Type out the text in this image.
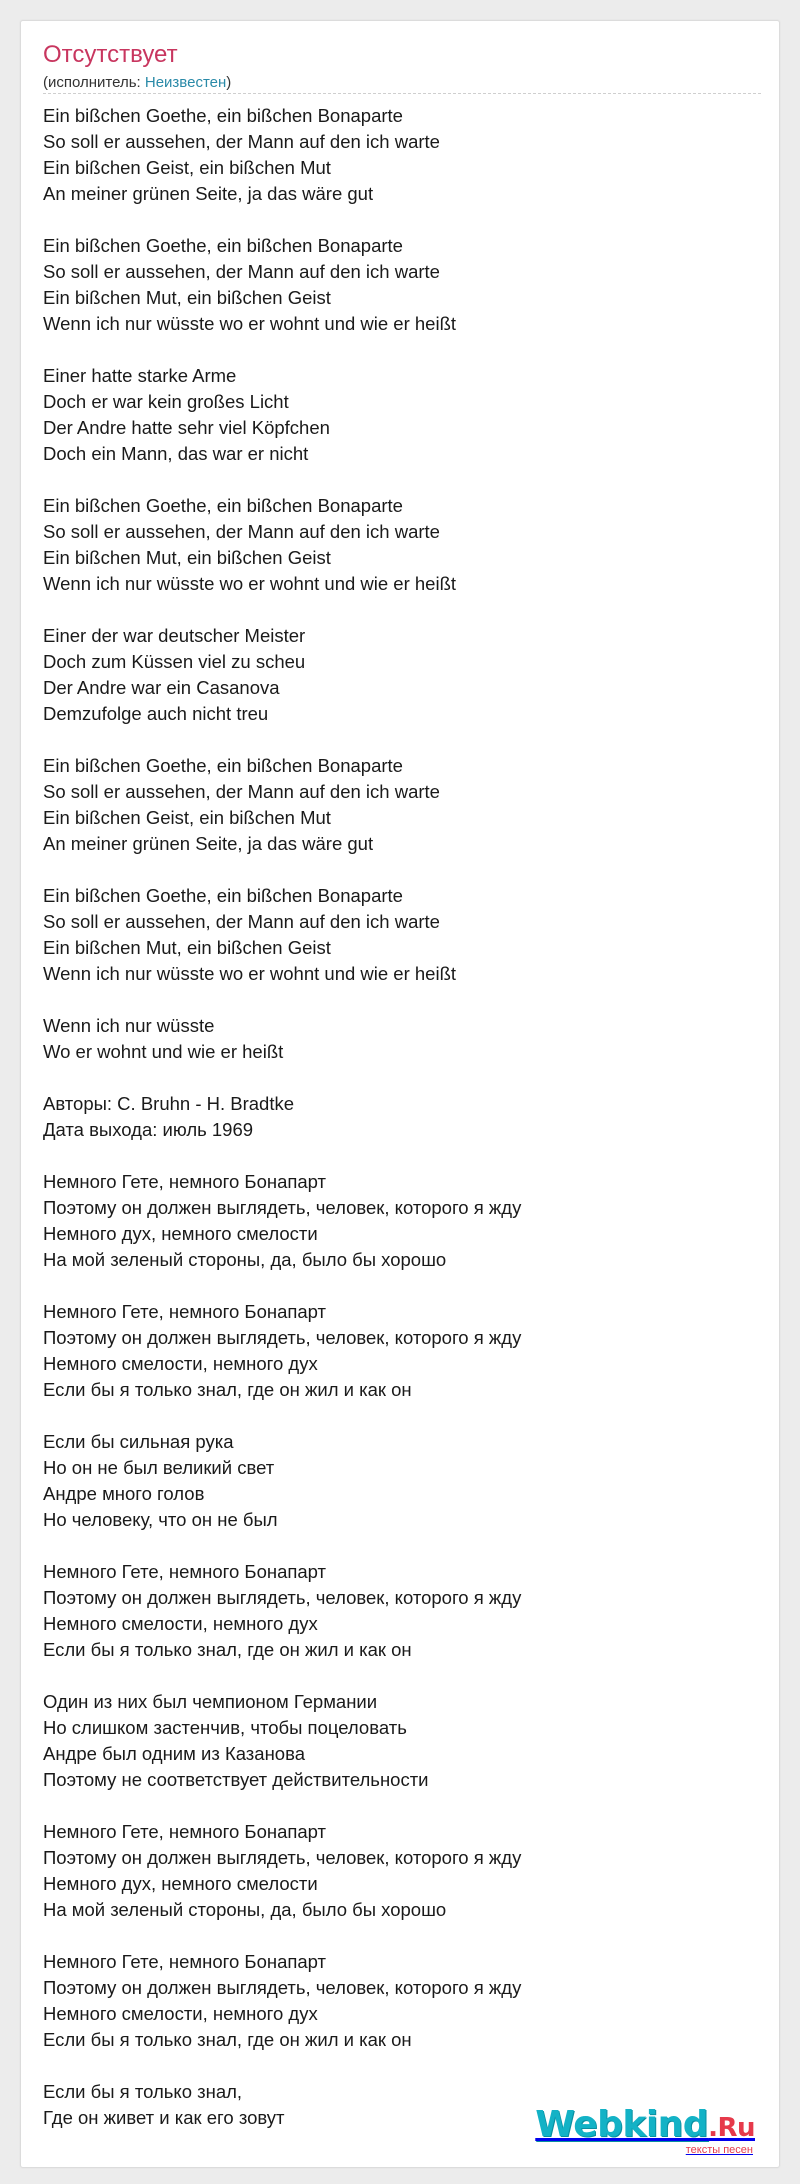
Отсутствует
(исполнитель: Неизвестен)
Ein bißchen Goethe, ein bißchen Bonaparte
So soll er aussehen, der Mann auf den ich warte
Ein bißchen Geist, ein bißchen Mut
An meiner grünen Seite, ja das wäre gut
Ein bißchen Goethe, ein bißchen Bonaparte
So soll er aussehen, der Mann auf den ich warte
Ein bißchen Mut, ein bißchen Geist
Wenn ich nur wüsste wo er wohnt und wie er heißt
Einer hatte starke Arme
Doch er war kein großes Licht
Der Andre hatte sehr viel Köpfchen
Doch ein Mann, das war er nicht
Ein bißchen Goethe, ein bißchen Bonaparte
So soll er aussehen, der Mann auf den ich warte
Ein bißchen Mut, ein bißchen Geist
Wenn ich nur wüsste wo er wohnt und wie er heißt
Einer der war deutscher Meister
Doch zum Küssen viel zu scheu
Der Andre war ein Casanova
Demzufolge auch nicht treu
Ein bißchen Goethe, ein bißchen Bonaparte
So soll er aussehen, der Mann auf den ich warte
Ein bißchen Geist, ein bißchen Mut
An meiner grünen Seite, ja das wäre gut
Ein bißchen Goethe, ein bißchen Bonaparte
So soll er aussehen, der Mann auf den ich warte
Ein bißchen Mut, ein bißchen Geist
Wenn ich nur wüsste wo er wohnt und wie er heißt
Wenn ich nur wüsste
Wo er wohnt und wie er heißt
Авторы: C. Bruhn - H. Bradtke
Дата выхода: июль 1969
Немного Гете, немного Бонапарт
Поэтому он должен выглядеть, человек, которого я жду
Немного дух, немного смелости
На мой зеленый стороны, да, было бы хорошо
Немного Гете, немного Бонапарт
Поэтому он должен выглядеть, человек, которого я жду
Немного смелости, немного дух
Если бы я только знал, где он жил и как он
Если бы сильная рука
Но он не был великий свет
Андре много голов
Но человеку, что он не был
Немного Гете, немного Бонапарт
Поэтому он должен выглядеть, человек, которого я жду
Немного смелости, немного дух
Если бы я только знал, где он жил и как он
Один из них был чемпионом Германии
Но слишком застенчив, чтобы поцеловать
Андре был одним из Казанова
Поэтому не соответствует действительности
Немного Гете, немного Бонапарт
Поэтому он должен выглядеть, человек, которого я жду
Немного дух, немного смелости
На мой зеленый стороны, да, было бы хорошо
Немного Гете, немного Бонапарт
Поэтому он должен выглядеть, человек, которого я жду
Немного смелости, немного дух
Если бы я только знал, где он жил и как он
Если бы я только знал,
Где он живет и как его зовут	Webkind.Ru
тексты песен
